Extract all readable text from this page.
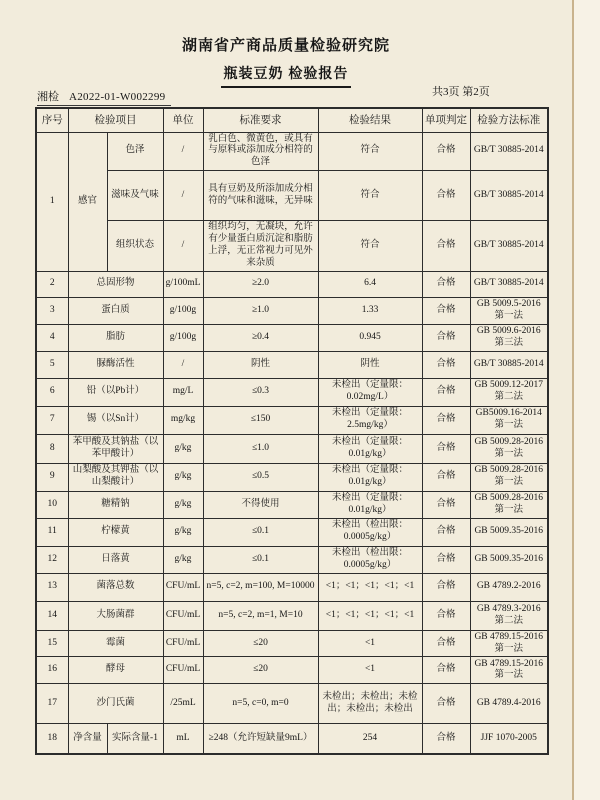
湖南省产商品质量检验研究院
瓶装豆奶 检验报告
湘检 A2022-01-W002299	共3页 第2页
序号	检验项目		单位	标准要求	检验结果	单项判定	检验方法标准
1	感官	色泽	/	乳白色、微黄色，或具有与原料或添加成分相符的色泽	符合	合格	GB/T 30885-2014
		滋味及气味	/	具有豆奶及所添加成分相符的气味和滋味，无异味	符合	合格	GB/T 30885-2014
		组织状态	/	组织均匀，无凝块，允许有少量蛋白质沉淀和脂肪上浮，无正常视力可见外来杂质	符合	合格	GB/T 30885-2014
2	总固形物		g/100mL	≥2.0	6.4	合格	GB/T 30885-2014
3	蛋白质		g/100g	≥1.0	1.33	合格	GB 5009.5-2016第一法
4	脂肪		g/100g	≥0.4	0.945	合格	GB 5009.6-2016第三法
5	脲酶活性		/	阴性	阴性	合格	GB/T 30885-2014
6	铅（以Pb计）		mg/L	≤0.3	未检出（定量限：0.02mg/L）	合格	GB 5009.12-2017 第二法
7	锡（以Sn计）		mg/kg	≤150	未检出（定量限：2.5mg/kg）	合格	GB5009.16-2014第一法
8	苯甲酸及其钠盐（以苯甲酸计）		g/kg	≤1.0	未检出（定量限：0.01g/kg）	合格	GB 5009.28-2016 第一法
9	山梨酸及其钾盐（以山梨酸计）		g/kg	≤0.5	未检出（定量限：0.01g/kg）	合格	GB 5009.28-2016 第一法
10	糖精钠		g/kg	不得使用	未检出（定量限：0.01g/kg）	合格	GB 5009.28-2016 第一法
11	柠檬黄		g/kg	≤0.1	未检出（检出限：0.0005g/kg）	合格	GB 5009.35-2016
12	日落黄		g/kg	≤0.1	未检出（检出限：0.0005g/kg）	合格	GB 5009.35-2016
13	菌落总数		CFU/mL	n=5, c=2, m=100, M=10000	<1；<1；<1；<1；<1	合格	GB 4789.2-2016
14	大肠菌群		CFU/mL	n=5, c=2, m=1, M=10	<1；<1；<1；<1；<1	合格	GB 4789.3-2016第二法
15	霉菌		CFU/mL	≤20	<1	合格	GB 4789.15-2016第一法
16	酵母		CFU/mL	≤20	<1	合格	GB 4789.15-2016第一法
17	沙门氏菌		/25mL	n=5, c=0, m=0	未检出；未检出；未检出；未检出；未检出	合格	GB 4789.4-2016
18	净含量	实际含量-1	mL	≥248（允许短缺量9mL）	254	合格	JJF 1070-2005
